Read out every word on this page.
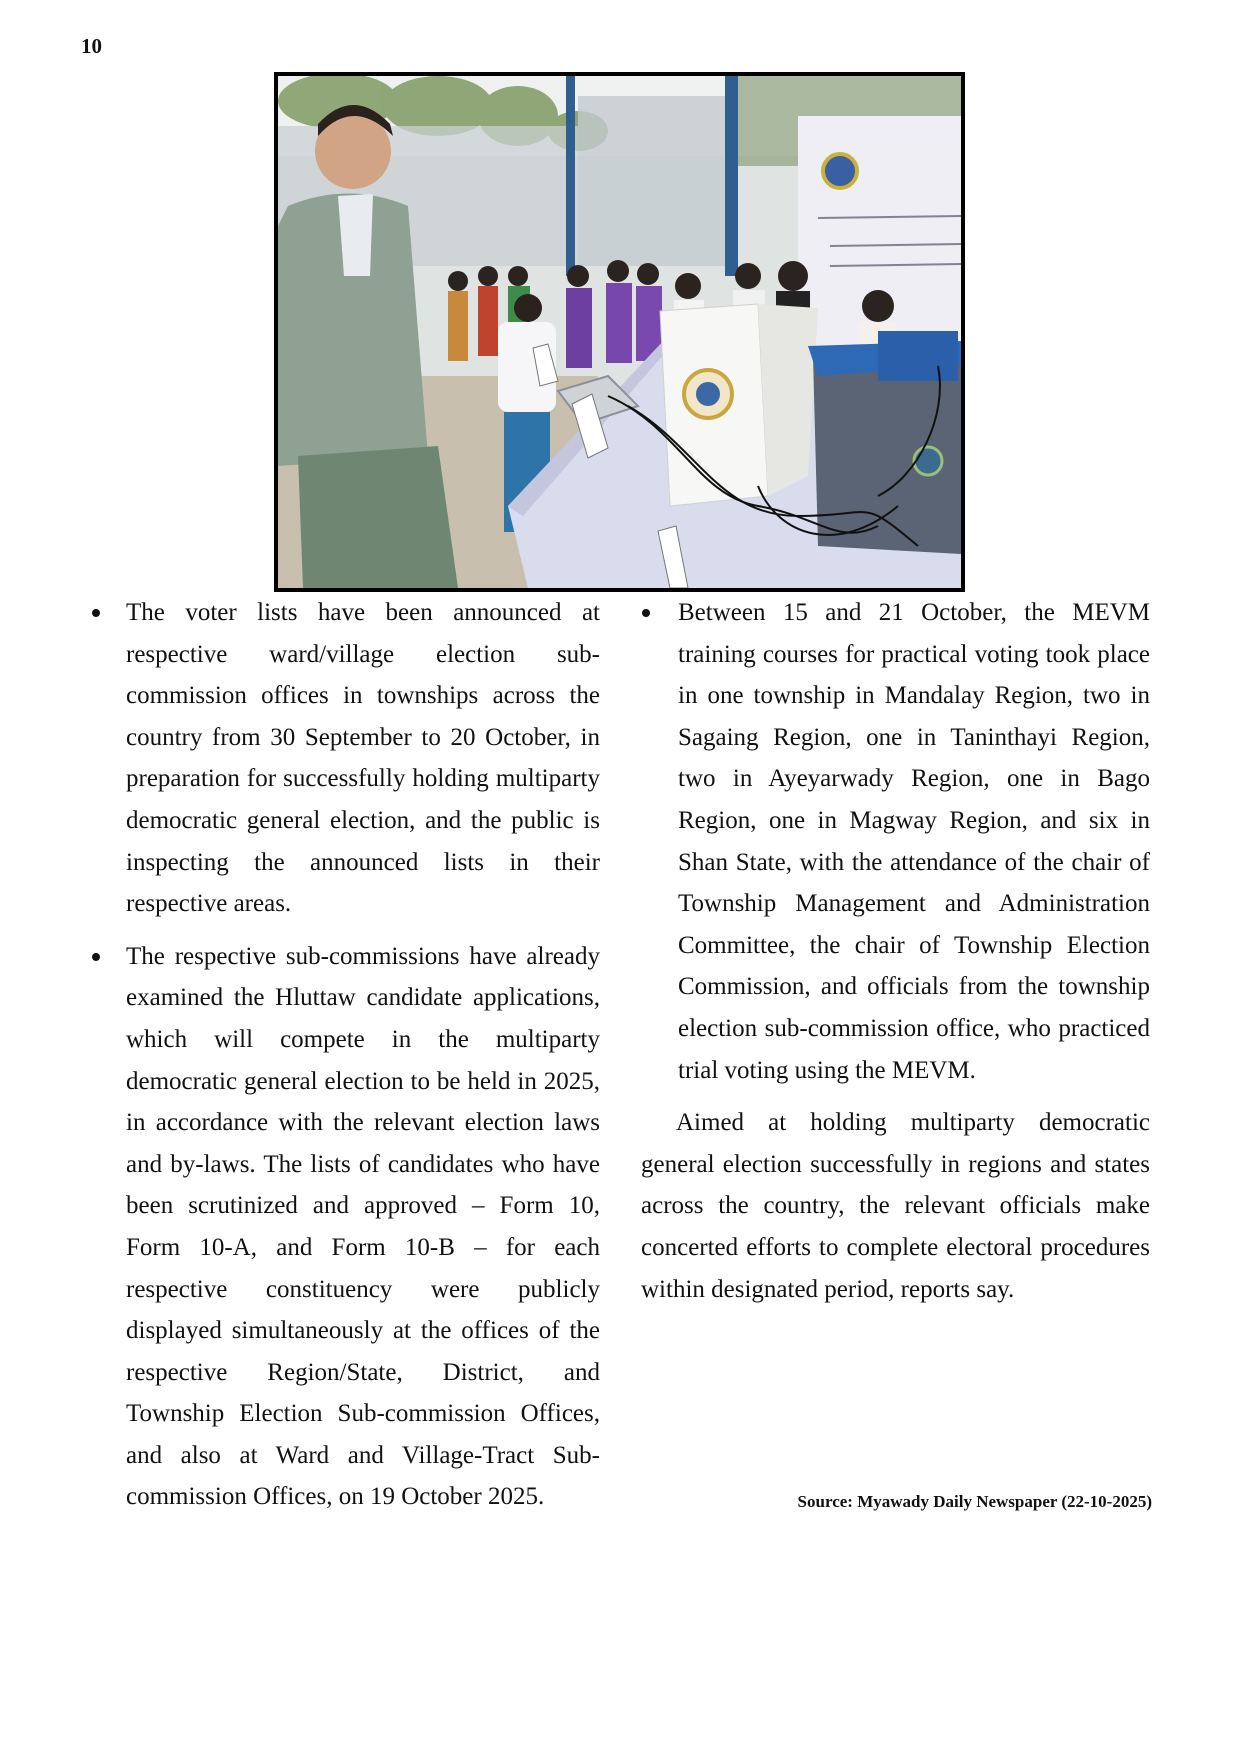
10
The voter lists have been announced at respective ward/village election sub-commission offices in townships across the country from 30 September to 20 October, in preparation for successfully holding multiparty democratic general election, and the public is inspecting the announced lists in their respective areas.
The respective sub-commissions have already examined the Hluttaw candidate applications, which will compete in the multiparty democratic general election to be held in 2025, in accordance with the relevant election laws and by-laws. The lists of candidates who have been scrutinized and approved – Form 10, Form 10-A, and Form 10-B – for each respective constituency were publicly displayed simultaneously at the offices of the respective Region/State, District, and Township Election Sub-commission Offices, and also at Ward and Village-Tract Sub-commission Offices, on 19 October 2025.
Between 15 and 21 October, the MEVM training courses for practical voting took place in one township in Mandalay Region, two in Sagaing Region, one in Taninthayi Region, two in Ayeyarwady Region, one in Bago Region, one in Magway Region, and six in Shan State, with the attendance of the chair of Township Management and Administration Committee, the chair of Township Election Commission, and officials from the township election sub-commission office, who practiced trial voting using the MEVM.

Aimed at holding multiparty democratic general election successfully in regions and states across the country, the relevant officials make concerted efforts to complete electoral procedures within designated period, reports say.

Source: Myawady Daily Newspaper (22-10-2025)
